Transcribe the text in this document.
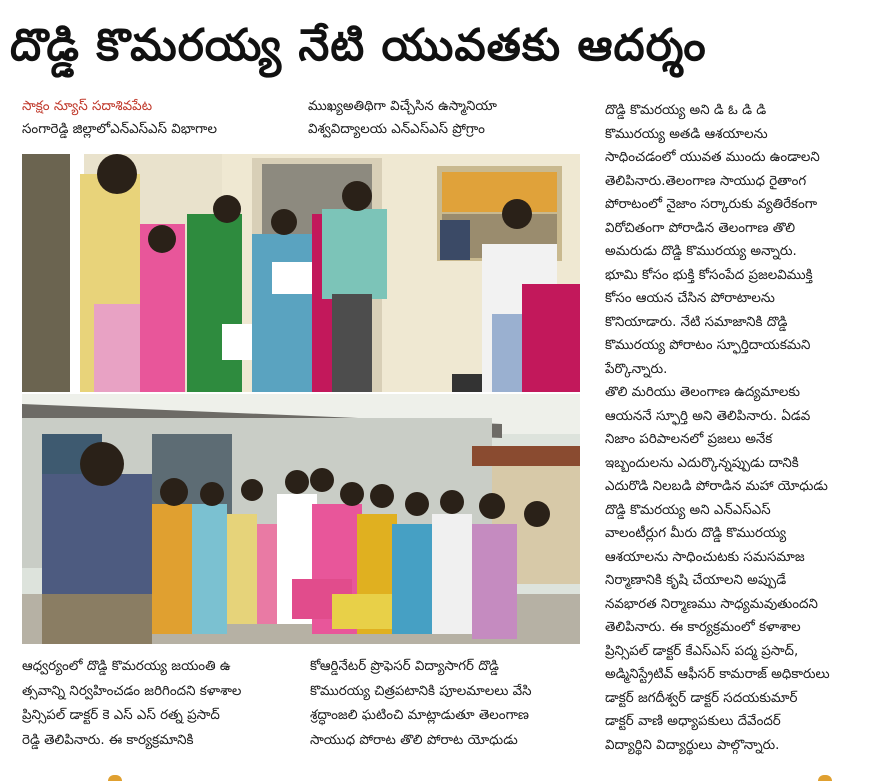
దొడ్డి కొమరయ్య నేటి యువతకు ఆదర్శం

సాక్షం న్యూస్ సదాశివపేట

సంగారెడ్డి జిల్లాలోఎన్ఎస్ఎస్ విభాగాల

ముఖ్యఅతిథిగా విచ్చేసిన ఉస్మానియా

విశ్వవిద్యాలయ ఎన్ఎస్ఎస్ ప్రోగ్రాం

దొడ్డి కొమరయ్య అని డి ఓ డి డి

కొమురయ్య అతడి ఆశయాలను

సాధించడంలో యువత ముందు ఉండాలని

తెలిపినారు.తెలంగాణ సాయుధ రైతాంగ

పోరాటంలో నైజాం సర్కారుకు వ్యతిరేకంగా

విరోచితంగా పోరాడిన తెలంగాణ తొలి

అమరుడు దొడ్డి కొమురయ్య అన్నారు.

భూమి కోసం భుక్తి కోసంపేద ప్రజలవిముక్తి

కోసం ఆయన చేసిన పోరాటాలను

కొనియాడారు. నేటి సమాజానికి దొడ్డి

కొమురయ్య పోరాటం స్ఫూర్తిదాయకమని

పేర్కొన్నారు.

తొలి మరియు తెలంగాణ ఉద్యమాలకు

ఆయననే స్ఫూర్తి అని తెలిపినారు. ఏడవ

నిజాం పరిపాలనలో ప్రజలు అనేక

ఇబ్బందులను ఎదుర్కొన్నప్పుడు దానికి

ఎదురొడి నిలబడి పోరాడిన మహా యోధుడు

దొడ్డి కొమరయ్య అని ఎన్ఎస్ఎస్

వాలంటీర్లుగ మీరు దొడ్డి కొమురయ్య

ఆశయాలను సాధించుటకు సమసమాజ

నిర్మాణానికి కృషి చేయాలని అప్పుడే

నవభారత నిర్మాణము సాధ్యమవుతుందని

తెలిపినారు. ఈ కార్యక్రమంలో కళాశాల

ప్రిన్సిపల్ డాక్టర్ కేఎస్ఎస్ పద్మ ప్రసాద్,

అడ్మినిస్ట్రేటివ్ ఆఫీసర్ కామరాజ్ అధికారులు

డాక్టర్ జగదీశ్వర్ డాక్టర్ సదయకుమార్

డాక్టర్ వాణి అధ్యాపకులు దేవేందర్

విద్యార్థిని విద్యార్థులు పాల్గొన్నారు.

ఆధ్వర్యంలో దొడ్డి కొమరయ్య జయంతి ఉ

త్సవాన్ని నిర్వహించడం జరిగిందని కళాశాల

ప్రిన్సిపల్ డాక్టర్ కె ఎస్ ఎస్ రత్న ప్రసాద్

రెడ్డి తెలిపినారు. ఈ కార్యక్రమానికి

కోఆర్డినేటర్ ప్రొఫెసర్ విద్యాసాగర్ దొడ్డి

కొమురయ్య చిత్రపటానికి పూలమాలలు వేసి

శ్రద్ధాంజలి ఘటించి మాట్లాడుతూ తెలంగాణ

సాయుధ పోరాట తొలి పోరాట యోధుడు
